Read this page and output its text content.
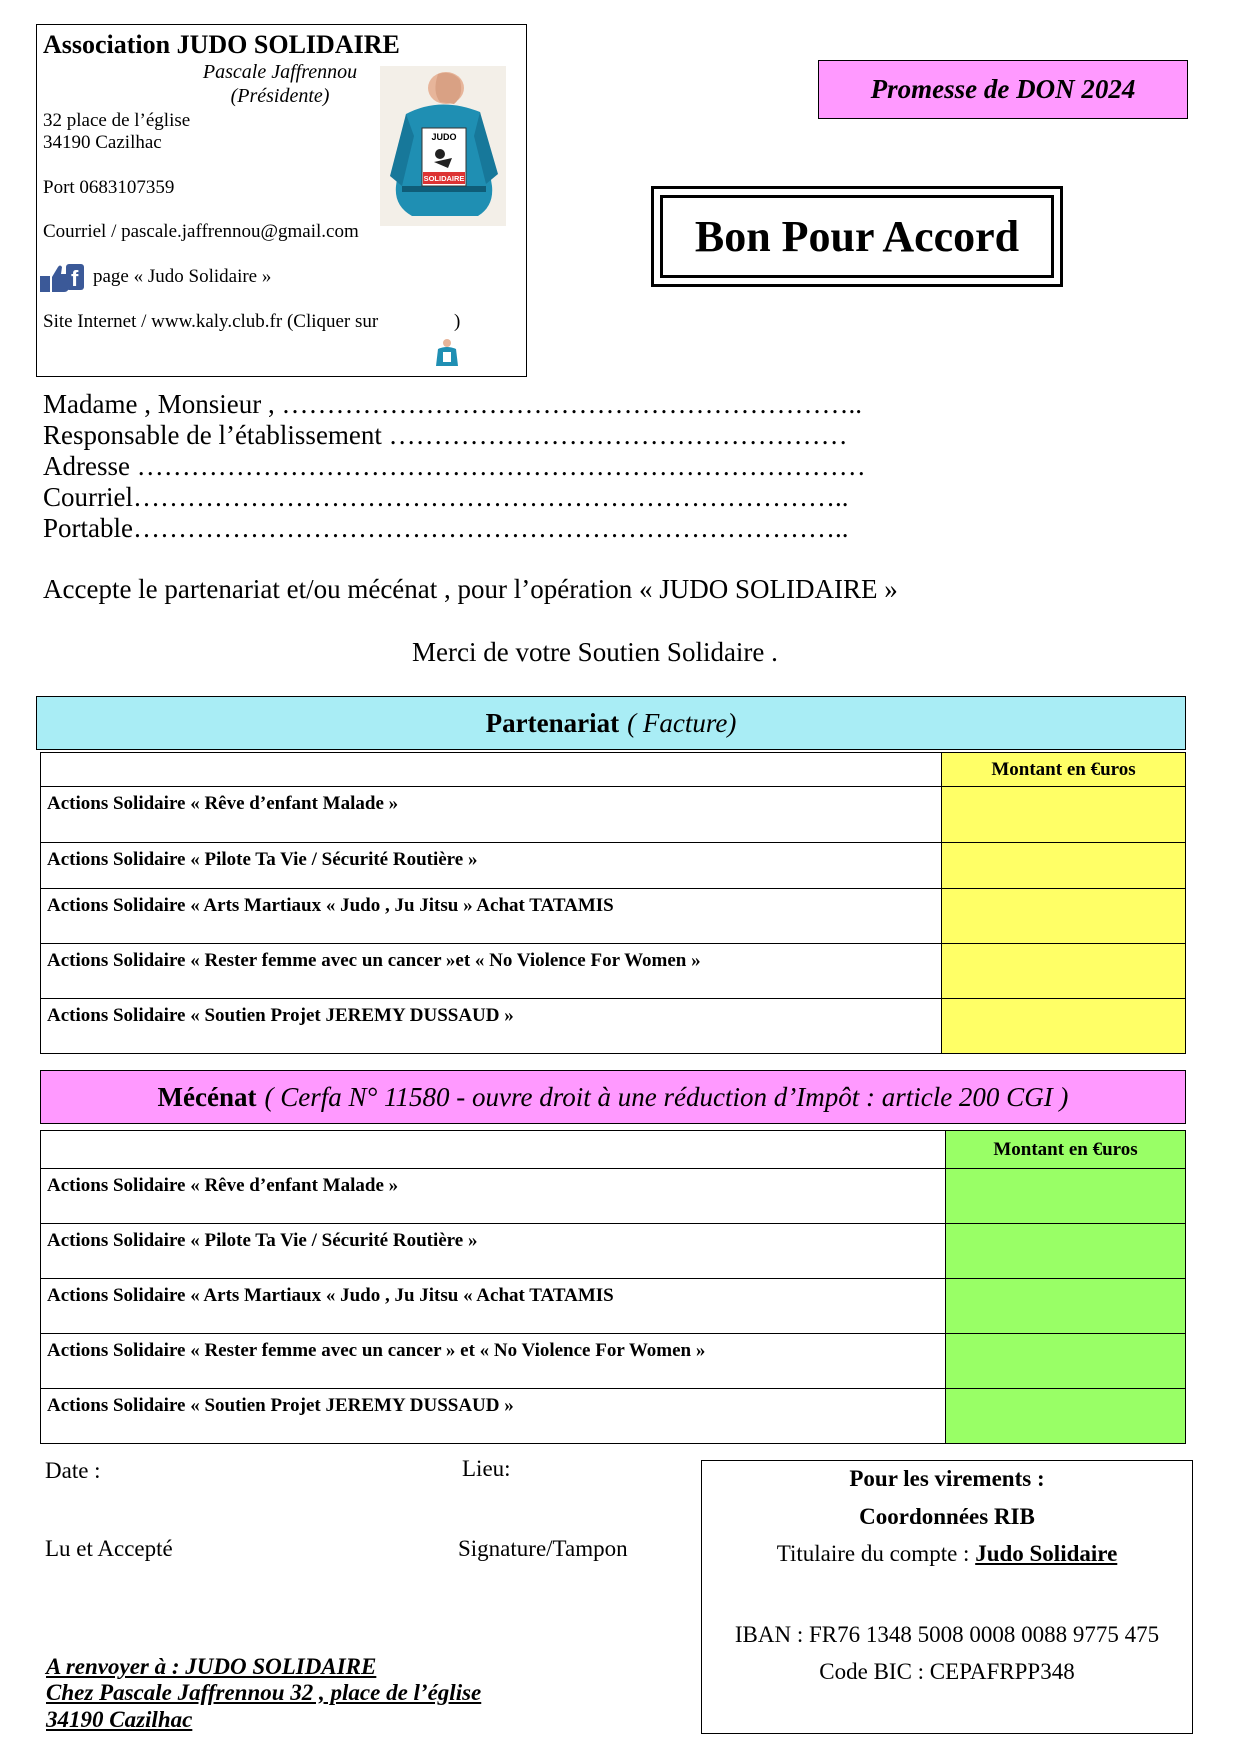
Association JUDO SOLIDAIRE
Pascale Jaffrennou
(Présidente)
32 place de l’église
34190 Cazilhac
Port 0683107359
Courriel / pascale.jaffrennou@gmail.com
f page « Judo Solidaire »
Site Internet / www.kaly.club.fr (Cliquer sur	)
JUDO
SOLIDAIRE
Promesse de DON 2024
Bon Pour Accord
Madame , Monsieur , ………………………………………………………..
Responsable de l’établissement ……………………………………………
Adresse ………………………………………………………………………
Courriel……………………………………………………………………..
Portable……………………………………………………………………..
Accepte le partenariat et/ou mécénat , pour l’opération « JUDO SOLIDAIRE »
Merci de votre Soutien Solidaire .
Partenariat ( Facture)
	Montant en €uros
Actions Solidaire « Rêve d’enfant Malade »	
Actions Solidaire « Pilote Ta Vie / Sécurité Routière »	
Actions Solidaire « Arts Martiaux « Judo , Ju Jitsu » Achat TATAMIS	
Actions Solidaire « Rester femme avec un cancer »et « No Violence For Women »	
Actions Solidaire « Soutien Projet JEREMY DUSSAUD »	
Mécénat ( Cerfa N° 11580 - ouvre droit à une réduction d’Impôt : article 200 CGI )
	Montant en €uros
Actions Solidaire « Rêve d’enfant Malade »	
Actions Solidaire « Pilote Ta Vie / Sécurité Routière »	
Actions Solidaire « Arts Martiaux « Judo , Ju Jitsu « Achat TATAMIS	
Actions Solidaire « Rester femme avec un cancer » et « No Violence For Women »	
Actions Solidaire « Soutien Projet JEREMY DUSSAUD »	
Date :	Lieu:
Lu et Accepté	Signature/Tampon
A renvoyer à : JUDO SOLIDAIRE
Chez Pascale Jaffrennou 32 , place de l’église
34190 Cazilhac
Pour les virements :
Coordonnées RIB
Titulaire du compte : Judo Solidaire
IBAN : FR76 1348 5008 0008 0088 9775 475
Code BIC : CEPAFRPP348
